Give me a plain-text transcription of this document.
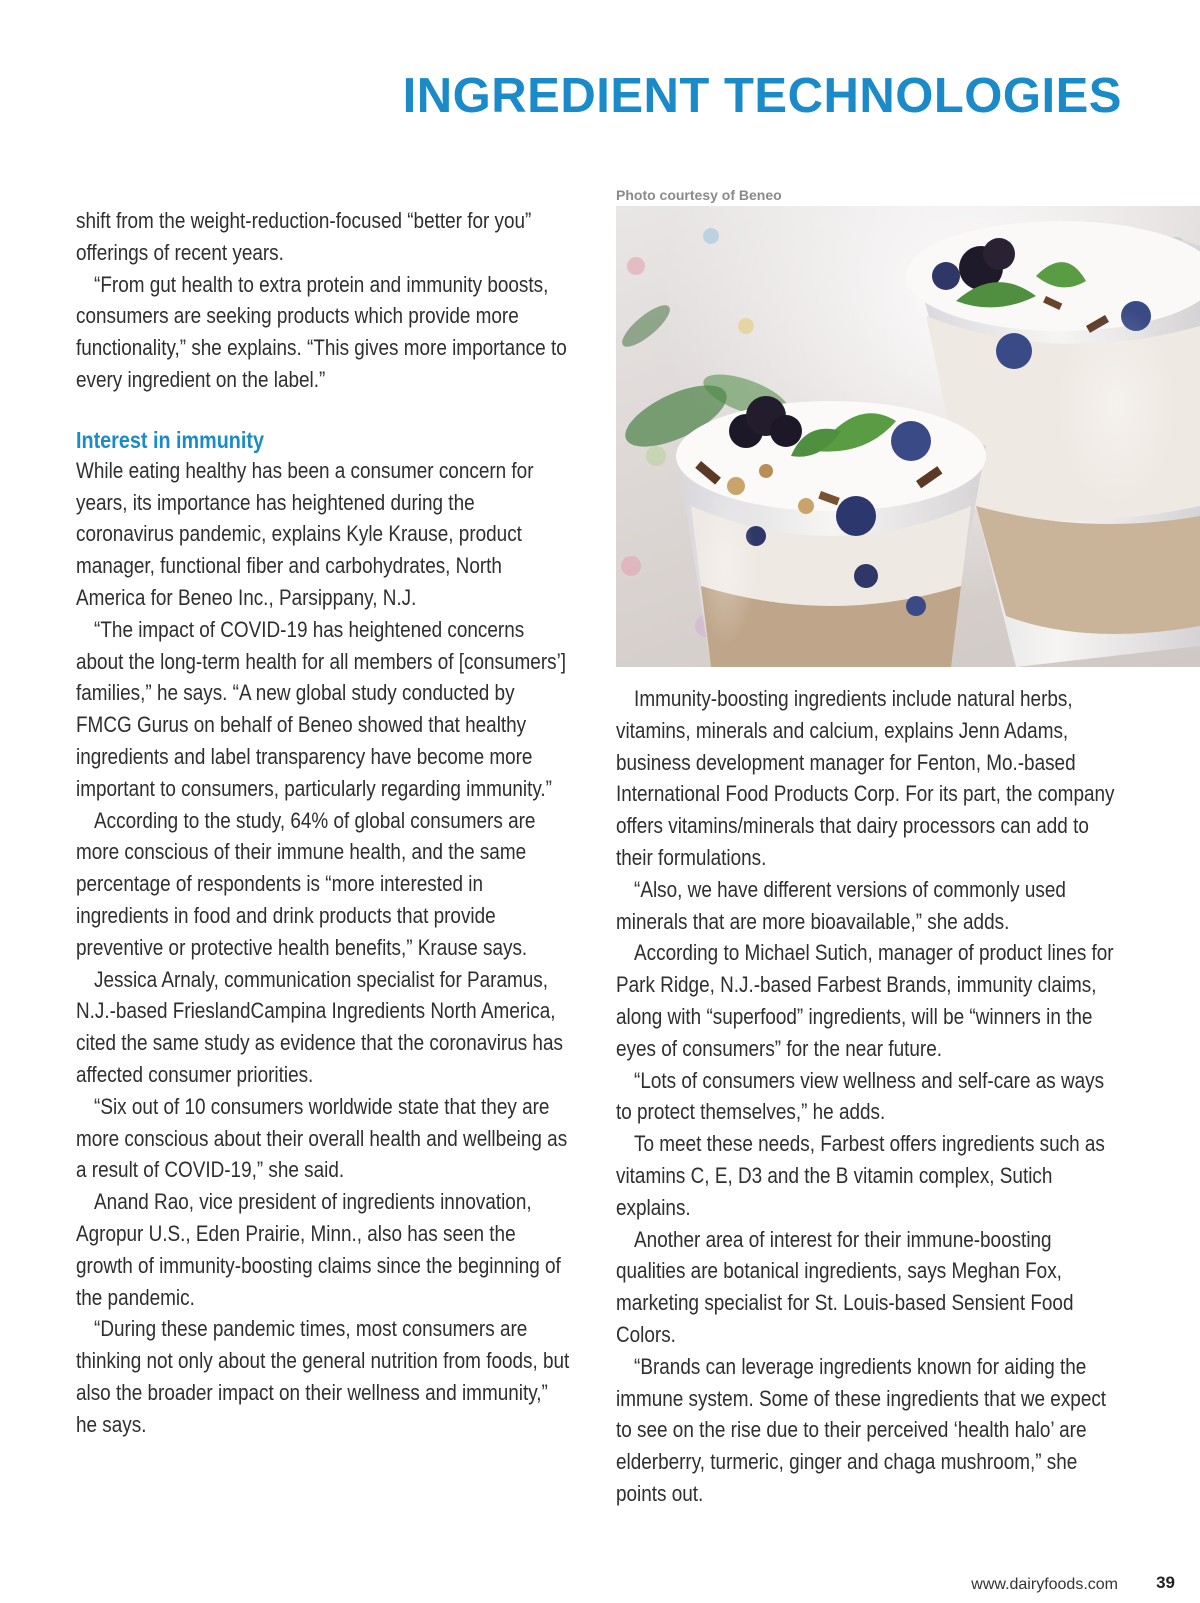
INGREDIENT TECHNOLOGIES

shift from the weight-reduction-focused “better for you” offerings of recent years.

“From gut health to extra protein and immunity boosts, consumers are seeking products which provide more functionality,” she explains. “This gives more importance to every ingredient on the label.”

Interest in immunity

While eating healthy has been a consumer concern for years, its importance has heightened during the coronavirus pandemic, explains Kyle Krause, product manager, functional fiber and carbohydrates, North America for Beneo Inc., Parsippany, N.J.

“The impact of COVID-19 has heightened concerns about the long-term health for all members of [consumers’] families,” he says. “A new global study conducted by FMCG Gurus on behalf of Beneo showed that healthy ingredients and label transparency have become more important to consumers, particularly regarding immunity.”

According to the study, 64% of global consumers are more conscious of their immune health, and the same percentage of respondents is “more interested in ingredients in food and drink products that provide preventive or protective health benefits,” Krause says.

Jessica Arnaly, communication specialist for Paramus, N.J.-based FrieslandCampina Ingredients North America, cited the same study as evidence that the coronavirus has affected consumer priorities.

“Six out of 10 consumers worldwide state that they are more conscious about their overall health and wellbeing as a result of COVID-19,” she said.

Anand Rao, vice president of ingredients innovation, Agropur U.S., Eden Prairie, Minn., also has seen the growth of immunity-boosting claims since the beginning of the pandemic.

“During these pandemic times, most consumers are thinking not only about the general nutrition from foods, but also the broader impact on their wellness and immunity,” he says.

Photo courtesy of Beneo

Immunity-boosting ingredients include natural herbs, vitamins, minerals and calcium, explains Jenn Adams, business development manager for Fenton, Mo.-based International Food Products Corp. For its part, the company offers vitamins/minerals that dairy processors can add to their formulations.

“Also, we have different versions of commonly used minerals that are more bioavailable,” she adds.

According to Michael Sutich, manager of product lines for Park Ridge, N.J.-based Farbest Brands, immunity claims, along with “superfood” ingredients, will be “winners in the eyes of consumers” for the near future.

“Lots of consumers view wellness and self-care as ways to protect themselves,” he adds.

To meet these needs, Farbest offers ingredients such as vitamins C, E, D3 and the B vitamin complex, Sutich explains.

Another area of interest for their immune-boosting qualities are botanical ingredients, says Meghan Fox, marketing specialist for St. Louis-based Sensient Food Colors.

“Brands can leverage ingredients known for aiding the immune system. Some of these ingredients that we expect to see on the rise due to their perceived ‘health halo’ are elderberry, turmeric, ginger and chaga mushroom,” she points out.

www.dairyfoods.com 39
